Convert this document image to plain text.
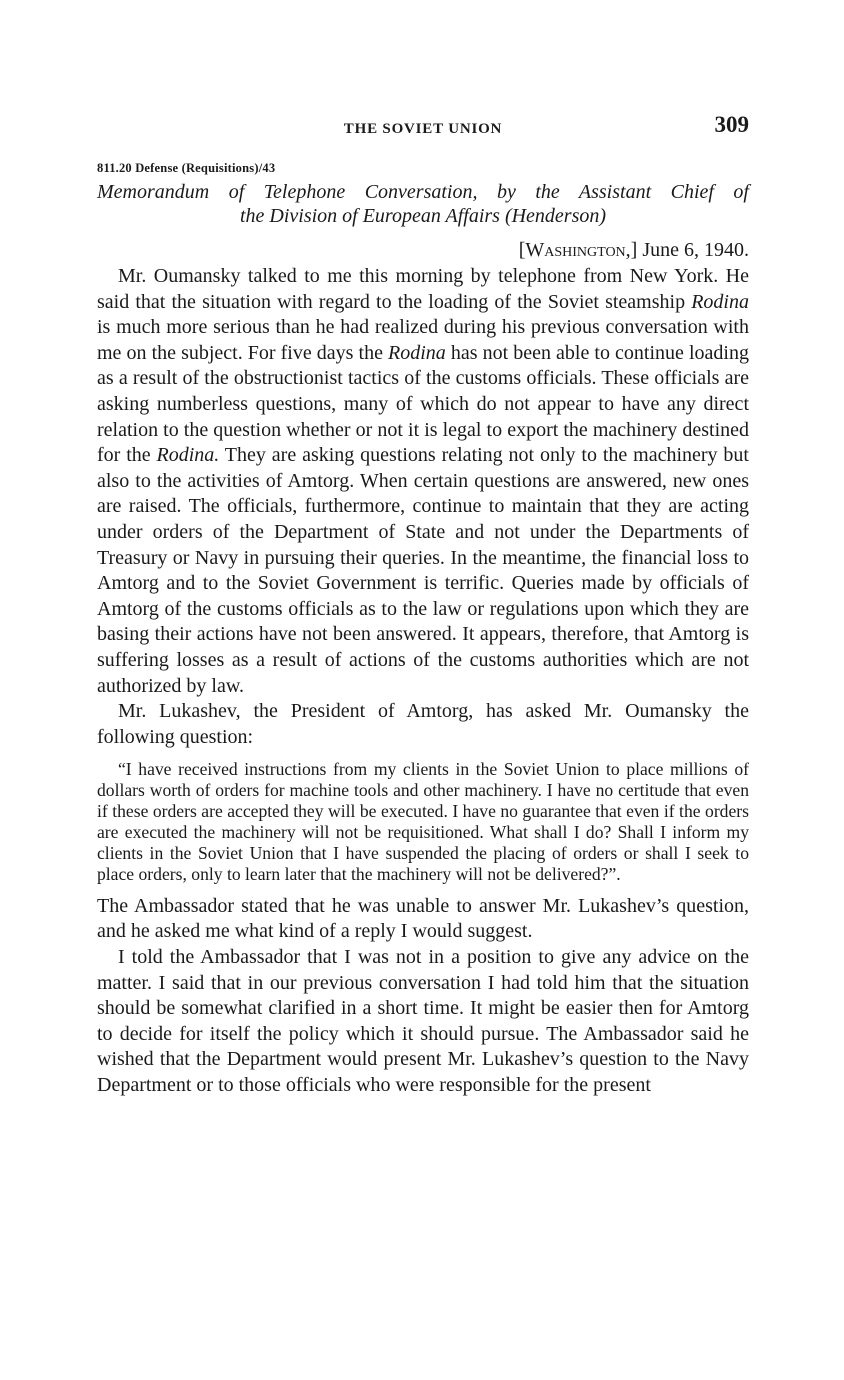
THE SOVIET UNION	309
811.20 Defense (Requisitions)/43
Memorandum of Telephone Conversation, by the Assistant Chief of
the Division of European Affairs (Henderson)
[Washington,] June 6, 1940.

Mr. Oumansky talked to me this morning by telephone from New York. He said that the situation with regard to the loading of the Soviet steamship Rodina is much more serious than he had realized during his previous conversation with me on the subject. For five days the Rodina has not been able to continue loading as a result of the obstructionist tactics of the customs officials. These officials are asking numberless questions, many of which do not appear to have any direct relation to the question whether or not it is legal to export the machinery destined for the Rodina. They are asking questions relating not only to the machinery but also to the activities of Amtorg. When certain questions are answered, new ones are raised. The officials, furthermore, continue to maintain that they are acting under orders of the Department of State and not under the Departments of Treasury or Navy in pursuing their queries. In the meantime, the financial loss to Amtorg and to the Soviet Government is terrific. Queries made by officials of Amtorg of the customs officials as to the law or regulations upon which they are basing their actions have not been answered. It appears, therefore, that Amtorg is suffering losses as a result of actions of the customs authorities which are not authorized by law.

Mr. Lukashev, the President of Amtorg, has asked Mr. Oumansky the following question:

“I have received instructions from my clients in the Soviet Union to place millions of dollars worth of orders for machine tools and other machinery. I have no certitude that even if these orders are accepted they will be executed. I have no guarantee that even if the orders are executed the machinery will not be requisitioned. What shall I do? Shall I inform my clients in the Soviet Union that I have suspended the placing of orders or shall I seek to place orders, only to learn later that the machinery will not be delivered?”.

The Ambassador stated that he was unable to answer Mr. Lukashev’s question, and he asked me what kind of a reply I would suggest.

I told the Ambassador that I was not in a position to give any advice on the matter. I said that in our previous conversation I had told him that the situation should be somewhat clarified in a short time. It might be easier then for Amtorg to decide for itself the policy which it should pursue. The Ambassador said he wished that the Department would present Mr. Lukashev’s question to the Navy Department or to those officials who were responsible for the present
